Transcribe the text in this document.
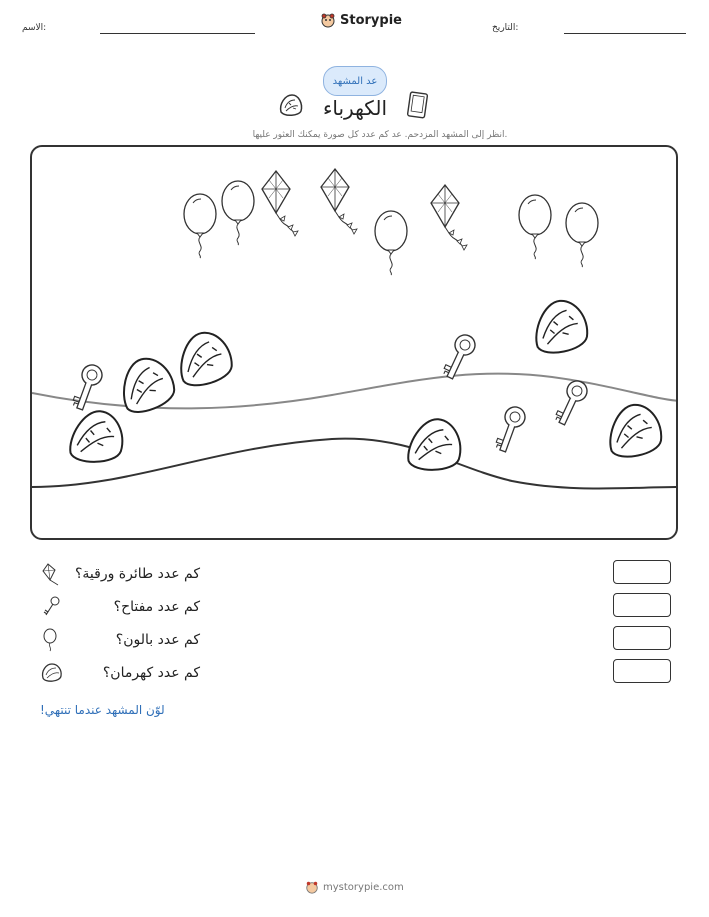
الاسم:
Storypie
التاريخ:
عد المشهد
الكهرباء
انظر إلى المشهد المزدحم. عد كم عدد كل صورة يمكنك العثور عليها.
كم عدد طائرة ورقية؟
كم عدد مفتاح؟
كم عدد بالون؟
كم عدد كهرمان؟
لوّن المشهد عندما تنتهي!
mystorypie.com
